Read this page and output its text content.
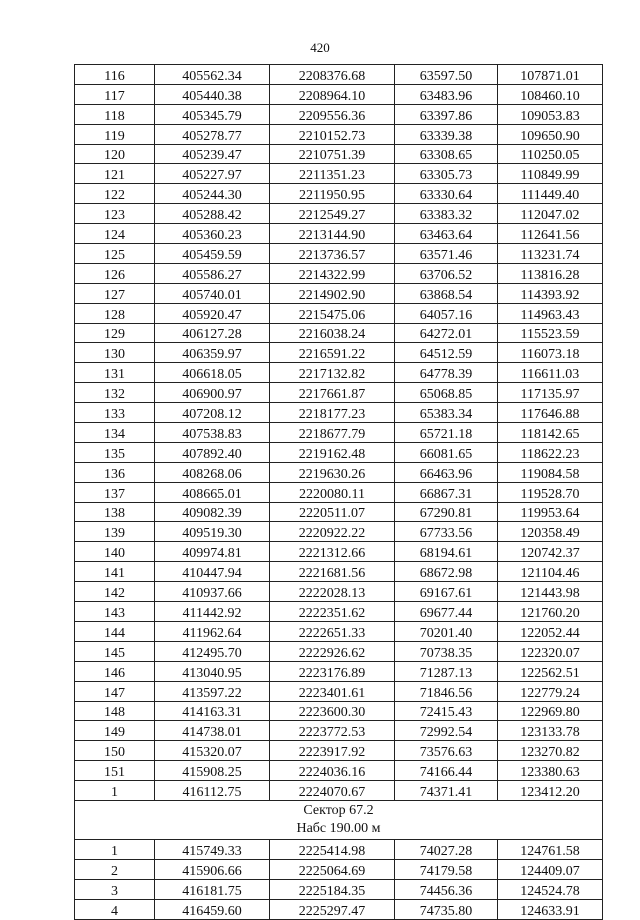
420
116	405562.34	2208376.68	63597.50	107871.01
117	405440.38	2208964.10	63483.96	108460.10
118	405345.79	2209556.36	63397.86	109053.83
119	405278.77	2210152.73	63339.38	109650.90
120	405239.47	2210751.39	63308.65	110250.05
121	405227.97	2211351.23	63305.73	110849.99
122	405244.30	2211950.95	63330.64	111449.40
123	405288.42	2212549.27	63383.32	112047.02
124	405360.23	2213144.90	63463.64	112641.56
125	405459.59	2213736.57	63571.46	113231.74
126	405586.27	2214322.99	63706.52	113816.28
127	405740.01	2214902.90	63868.54	114393.92
128	405920.47	2215475.06	64057.16	114963.43
129	406127.28	2216038.24	64272.01	115523.59
130	406359.97	2216591.22	64512.59	116073.18
131	406618.05	2217132.82	64778.39	116611.03
132	406900.97	2217661.87	65068.85	117135.97
133	407208.12	2218177.23	65383.34	117646.88
134	407538.83	2218677.79	65721.18	118142.65
135	407892.40	2219162.48	66081.65	118622.23
136	408268.06	2219630.26	66463.96	119084.58
137	408665.01	2220080.11	66867.31	119528.70
138	409082.39	2220511.07	67290.81	119953.64
139	409519.30	2220922.22	67733.56	120358.49
140	409974.81	2221312.66	68194.61	120742.37
141	410447.94	2221681.56	68672.98	121104.46
142	410937.66	2222028.13	69167.61	121443.98
143	411442.92	2222351.62	69677.44	121760.20
144	411962.64	2222651.33	70201.40	122052.44
145	412495.70	2222926.62	70738.35	122320.07
146	413040.95	2223176.89	71287.13	122562.51
147	413597.22	2223401.61	71846.56	122779.24
148	414163.31	2223600.30	72415.43	122969.80
149	414738.01	2223772.53	72992.54	123133.78
150	415320.07	2223917.92	73576.63	123270.82
151	415908.25	2224036.16	74166.44	123380.63
1	416112.75	2224070.67	74371.41	123412.20

Сектор 67.2
Набс 190.00 м				

1	415749.33	2225414.98	74027.28	124761.58
2	415906.66	2225064.69	74179.58	124409.07
3	416181.75	2225184.35	74456.36	124524.78
4	416459.60	2225297.47	74735.80	124633.91
